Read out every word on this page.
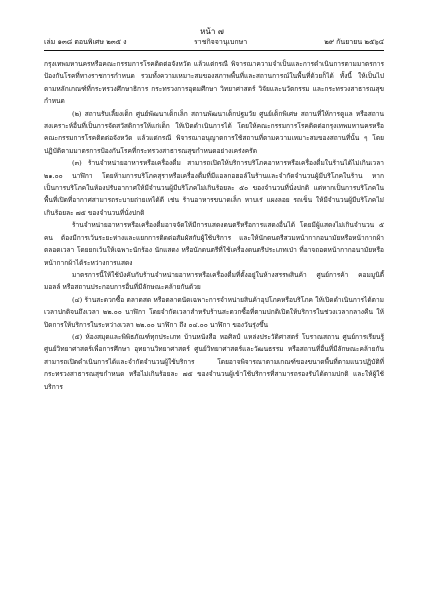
หน้า ๗
เล่ม ๑๓๘ ตอนพิเศษ ๒๓๕ ง	ราชกิจจานุเบกษา	๒๙ กันยายน ๒๕๖๔

กรุงเทพมหานครหรือคณะกรรมการโรคติดต่อจังหวัด แล้วแต่กรณี พิจารณาความจำเป็นและการดำเนินการตามมาตรการป้องกันโรคที่ทางราชการกำหนด รวมทั้งความเหมาะสมของสภาพพื้นที่และสถานการณ์ในพื้นที่ด้วยก็ได้ ทั้งนี้ ให้เป็นไปตามหลักเกณฑ์ที่กระทรวงศึกษาธิการ กระทรวงการอุดมศึกษา วิทยาศาสตร์ วิจัยและนวัตกรรม และกระทรวงสาธารณสุขกำหนด

(๒) สถานรับเลี้ยงเด็ก ศูนย์พัฒนาเด็กเล็ก สถานพัฒนาเด็กปฐมวัย ศูนย์เด็กพิเศษ สถานที่ให้การดูแล หรือสถานสงเคราะห์อื่นที่เป็นการจัดสวัสดิการให้แก่เด็ก ให้เปิดดำเนินการได้ โดยให้คณะกรรมการโรคติดต่อกรุงเทพมหานครหรือคณะกรรมการโรคติดต่อจังหวัด แล้วแต่กรณี พิจารณาอนุญาตการใช้สถานที่ตามความเหมาะสมของสถานที่นั้น ๆ โดยปฏิบัติตามมาตรการป้องกันโรคที่กระทรวงสาธารณสุขกำหนดอย่างเคร่งครัด

(๓) ร้านจำหน่ายอาหารหรือเครื่องดื่ม สามารถเปิดให้บริการบริโภคอาหารหรือเครื่องดื่มในร้านได้ไม่เกินเวลา ๒๑.๐๐ นาฬิกา โดยห้ามการบริโภคสุราหรือเครื่องดื่มที่มีแอลกอฮอล์ในร้านและจำกัดจำนวนผู้มีบริโภคในร้าน หากเป็นการบริโภคในห้องปรับอากาศให้มีจำนวนผู้มีบริโภคไม่เกินร้อยละ ๕๐ ของจำนวนที่นั่งปกติ แต่หากเป็นการบริโภคในพื้นที่เปิดที่อากาศสามารถระบายถ่ายเทได้ดี เช่น ร้านอาหารขนาดเล็ก หาบเร่ แผงลอย รถเข็น ให้มีจำนวนผู้มีบริโภคไม่เกินร้อยละ ๗๕ ของจำนวนที่นั่งปกติ

ร้านจำหน่ายอาหารหรือเครื่องดื่มอาจจัดให้มีการแสดงดนตรีหรือการแสดงอื่นได้ โดยมีผู้แสดงไม่เกินจำนวน ๕ คน ต้องมีการเว้นระยะห่างและแยกการติดต่อสัมผัสกับผู้ใช้บริการ และให้นักดนตรีสวมหน้ากากอนามัยหรือหน้ากากผ้าตลอดเวลา โดยยกเว้นให้เฉพาะนักร้อง นักแสดง หรือนักดนตรีที่ใช้เครื่องดนตรีประเภทเป่า ที่อาจถอดหน้ากากอนามัยหรือหน้ากากผ้าได้ระหว่างการแสดง

มาตรการนี้ให้ใช้บังคับกับร้านจำหน่ายอาหารหรือเครื่องดื่มที่ตั้งอยู่ในห้างสรรพสินค้า ศูนย์การค้า คอมมูนิตี้มอลล์ หรือสถานประกอบการอื่นที่มีลักษณะคล้ายกันด้วย

(๔) ร้านสะดวกซื้อ ตลาดสด หรือตลาดนัดเฉพาะการจำหน่ายสินค้าอุปโภคหรือบริโภค ให้เปิดดำเนินการได้ตามเวลาปกติจนถึงเวลา ๒๒.๐๐ นาฬิกา โดยจำกัดเวลาสำหรับร้านสะดวกซื้อที่ตามปกติเปิดให้บริการในช่วงเวลากลางคืน ให้ปิดการให้บริการในระหว่างเวลา ๒๒.๐๐ นาฬิกา ถึง ๐๔.๐๐ นาฬิกา ของวันรุ่งขึ้น

(๕) ห้องสมุดและพิพิธภัณฑ์ทุกประเภท บ้านหนังสือ หอศิลป์ แหล่งประวัติศาสตร์ โบราณสถาน ศูนย์การเรียนรู้ ศูนย์วิทยาศาสตร์เพื่อการศึกษา อุทยานวิทยาศาสตร์ ศูนย์วิทยาศาสตร์และวัฒนธรรม หรือสถานที่อื่นที่มีลักษณะคล้ายกัน สามารถเปิดดำเนินการได้และจำกัดจำนวนผู้ใช้บริการ โดยอาจพิจารณาตามเกณฑ์ของขนาดพื้นที่ตามแนวปฏิบัติที่กระทรวงสาธารณสุขกำหนด หรือไม่เกินร้อยละ ๗๕ ของจำนวนผู้เข้าใช้บริการที่สามารถรองรับได้ตามปกติ และให้ผู้ใช้บริการ
